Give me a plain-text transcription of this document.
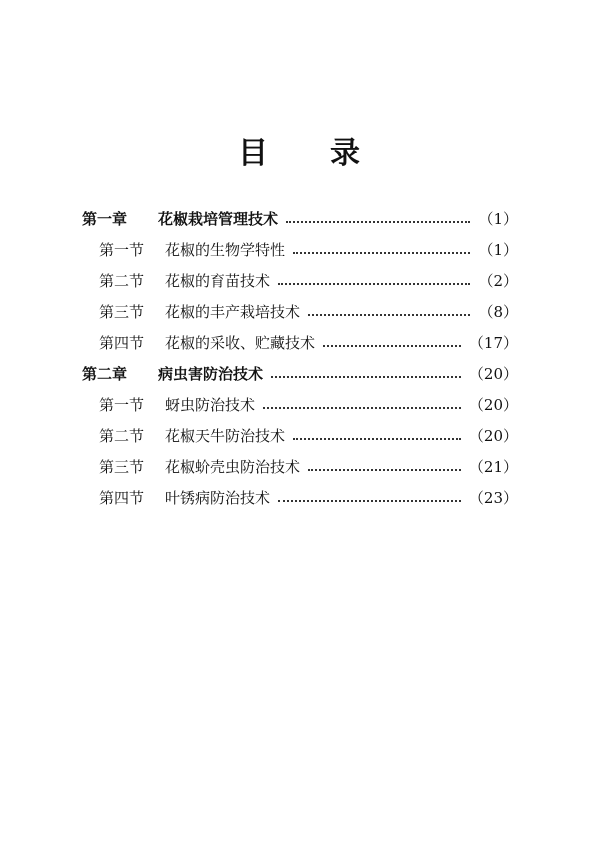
目 录
第一章	花椒栽培管理技术	（1）
第一节	花椒的生物学特性	（1）
第二节	花椒的育苗技术	（2）
第三节	花椒的丰产栽培技术	（8）
第四节	花椒的采收、贮藏技术	（17）
第二章	病虫害防治技术	（20）
第一节	蚜虫防治技术	（20）
第二节	花椒天牛防治技术	（20）
第三节	花椒蚧壳虫防治技术	（21）
第四节	叶锈病防治技术	（23）
